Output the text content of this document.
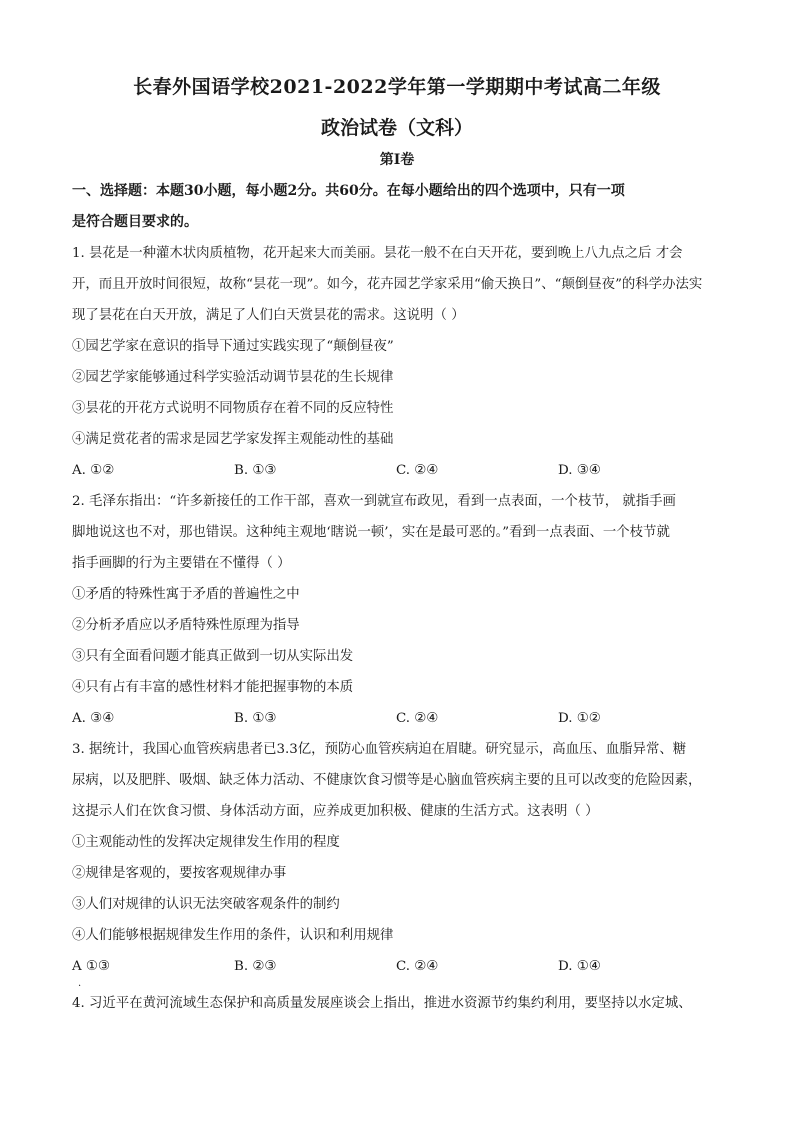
长春外国语学校2021-2022学年第一学期期中考试高二年级
政治试卷（文科）
第Ⅰ卷
一、选择题：本题30小题，每小题2分。共60分。在每小题给出的四个选项中，只有一项
是符合题目要求的。
1. 昙花是一种灌木状肉质植物，花开起来大而美丽。昙花一般不在白天开花，要到晚上八九点之后 才会
开，而且开放时间很短，故称“昙花一现”。如今，花卉园艺学家采用“偷天换日”、“颠倒昼夜”的科学办法实
现了昙花在白天开放，满足了人们白天赏昙花的需求。这说明（ ）
①园艺学家在意识的指导下通过实践实现了“颠倒昼夜”
②园艺学家能够通过科学实验活动调节昙花的生长规律
③昙花的开花方式说明不同物质存在着不同的反应特性
④满足赏花者的需求是园艺学家发挥主观能动性的基础
A. ①②	B. ①③	C. ②④	D. ③④
2. 毛泽东指出：“许多新接任的工作干部，喜欢一到就宣布政见，看到一点表面，一个枝节， 就指手画
脚地说这也不对，那也错误。这种纯主观地‘瞎说一顿’，实在是最可恶的。”看到一点表面、一个枝节就
指手画脚的行为主要错在不懂得（ ）
①矛盾的特殊性寓于矛盾的普遍性之中
②分析矛盾应以矛盾特殊性原理为指导
③只有全面看问题才能真正做到一切从实际出发
④只有占有丰富的感性材料才能把握事物的本质
A. ③④	B. ①③	C. ②④	D. ①②
3. 据统计，我国心血管疾病患者已3.3亿，预防心血管疾病迫在眉睫。研究显示，高血压、血脂异常、糖
尿病，以及肥胖、吸烟、缺乏体力活动、不健康饮食习惯等是心脑血管疾病主要的且可以改变的危险因素，
这提示人们在饮食习惯、身体活动方面，应养成更加积极、健康的生活方式。这表明（ ）
①主观能动性的发挥决定规律发生作用的程度
②规律是客观的，要按客观规律办事
③人们对规律的认识无法突破客观条件的制约
④人们能够根据规律发生作用的条件，认识和利用规律
A ①③	B. ②③	C. ②④	D. ①④
.
4. 习近平在黄河流域生态保护和高质量发展座谈会上指出，推进水资源节约集约利用，要坚持以水定城、
